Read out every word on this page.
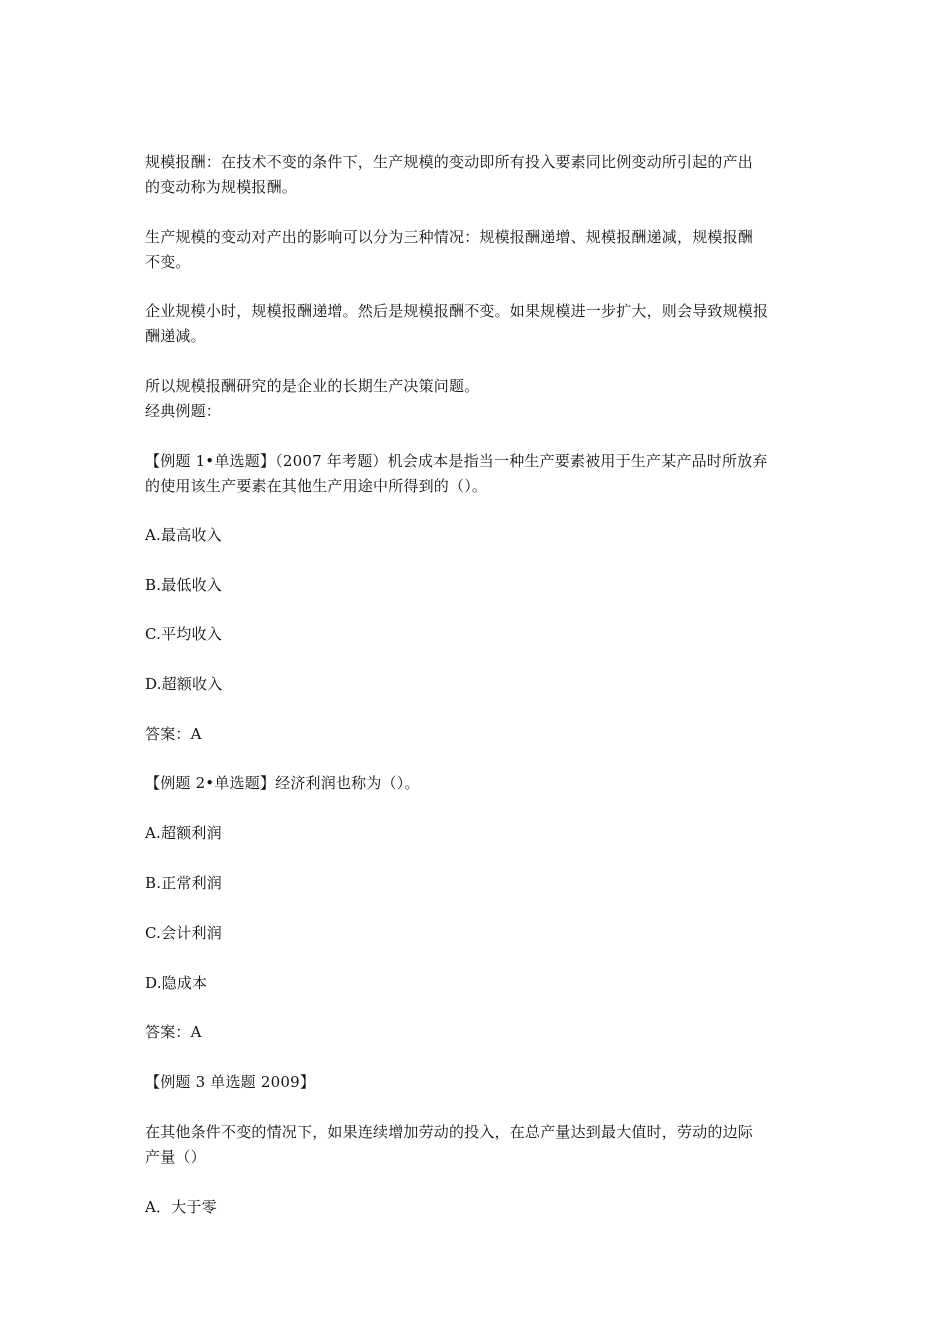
规模报酬：在技术不变的条件下，生产规模的变动即所有投入要素同比例变动所引起的产出
的变动称为规模报酬。
生产规模的变动对产出的影响可以分为三种情况：规模报酬递增、规模报酬递减，规模报酬
不变。
企业规模小时，规模报酬递增。然后是规模报酬不变。如果规模进一步扩大，则会导致规模报
酬递减。
所以规模报酬研究的是企业的长期生产决策问题。
经典例题：
【例题 1•单选题】（2007 年考题）机会成本是指当一种生产要素被用于生产某产品时所放弃
的使用该生产要素在其他生产用途中所得到的（）。
A.最高收入
B.最低收入
C.平均收入
D.超额收入
答案：A
【例题 2•单选题】经济利润也称为（）。
A.超额利润
B.正常利润
C.会计利润
D.隐成本
答案：A
【例题 3 单选题 2009】
在其他条件不变的情况下，如果连续增加劳动的投入，在总产量达到最大值时，劳动的边际
产量（）
A．大于零
